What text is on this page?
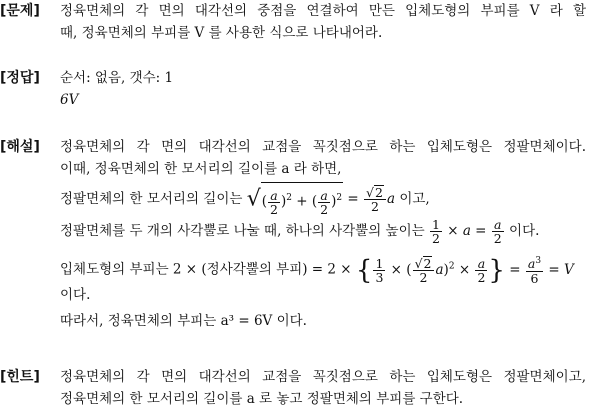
[문제]	정육면체의 각 면의 대각선의 중점을 연결하여 만든 입체도형의 부피를 V 라 할
때, 정육면체의 부피를 V 를 사용한 식으로 나타내어라.
[정답]	순서: 없음, 갯수: 1
6V
[해설]	정육면체의 각 면의 대각선의 교점을 꼭짓점으로 하는 입체도형은 정팔면체이다.
이때, 정육면체의 한 모서리의 길이를 a 라 하면,
정팔면체의 한 모서리의 길이는 √( $\frac{a}{2} )^2$ + ( $\frac{a}{2} )^2 = \frac{√2}{2}$ a 이고,
정팔면체를 두 개의 사각뿔로 나눌 때, 하나의 사각뿔의 높이는 $\frac{1}{2} \times a = \frac{a}{2}$ 이다.
입체도형의 부피는 2 × (정사각뿔의 부피) = 2 × { $\frac{1}{3}$ × ( $\frac{√2}{2} a)^2 \times \frac{a}{2}$ } = $\frac{a^3}{6} = V$
이다.
따라서, 정육면체의 부피는 a³ = 6V 이다.
[힌트]	정육면체의 각 면의 대각선의 교점을 꼭짓점으로 하는 입체도형은 정팔면체이고,
정육면체의 한 모서리의 길이를 a 로 놓고 정팔면체의 부피를 구한다.
